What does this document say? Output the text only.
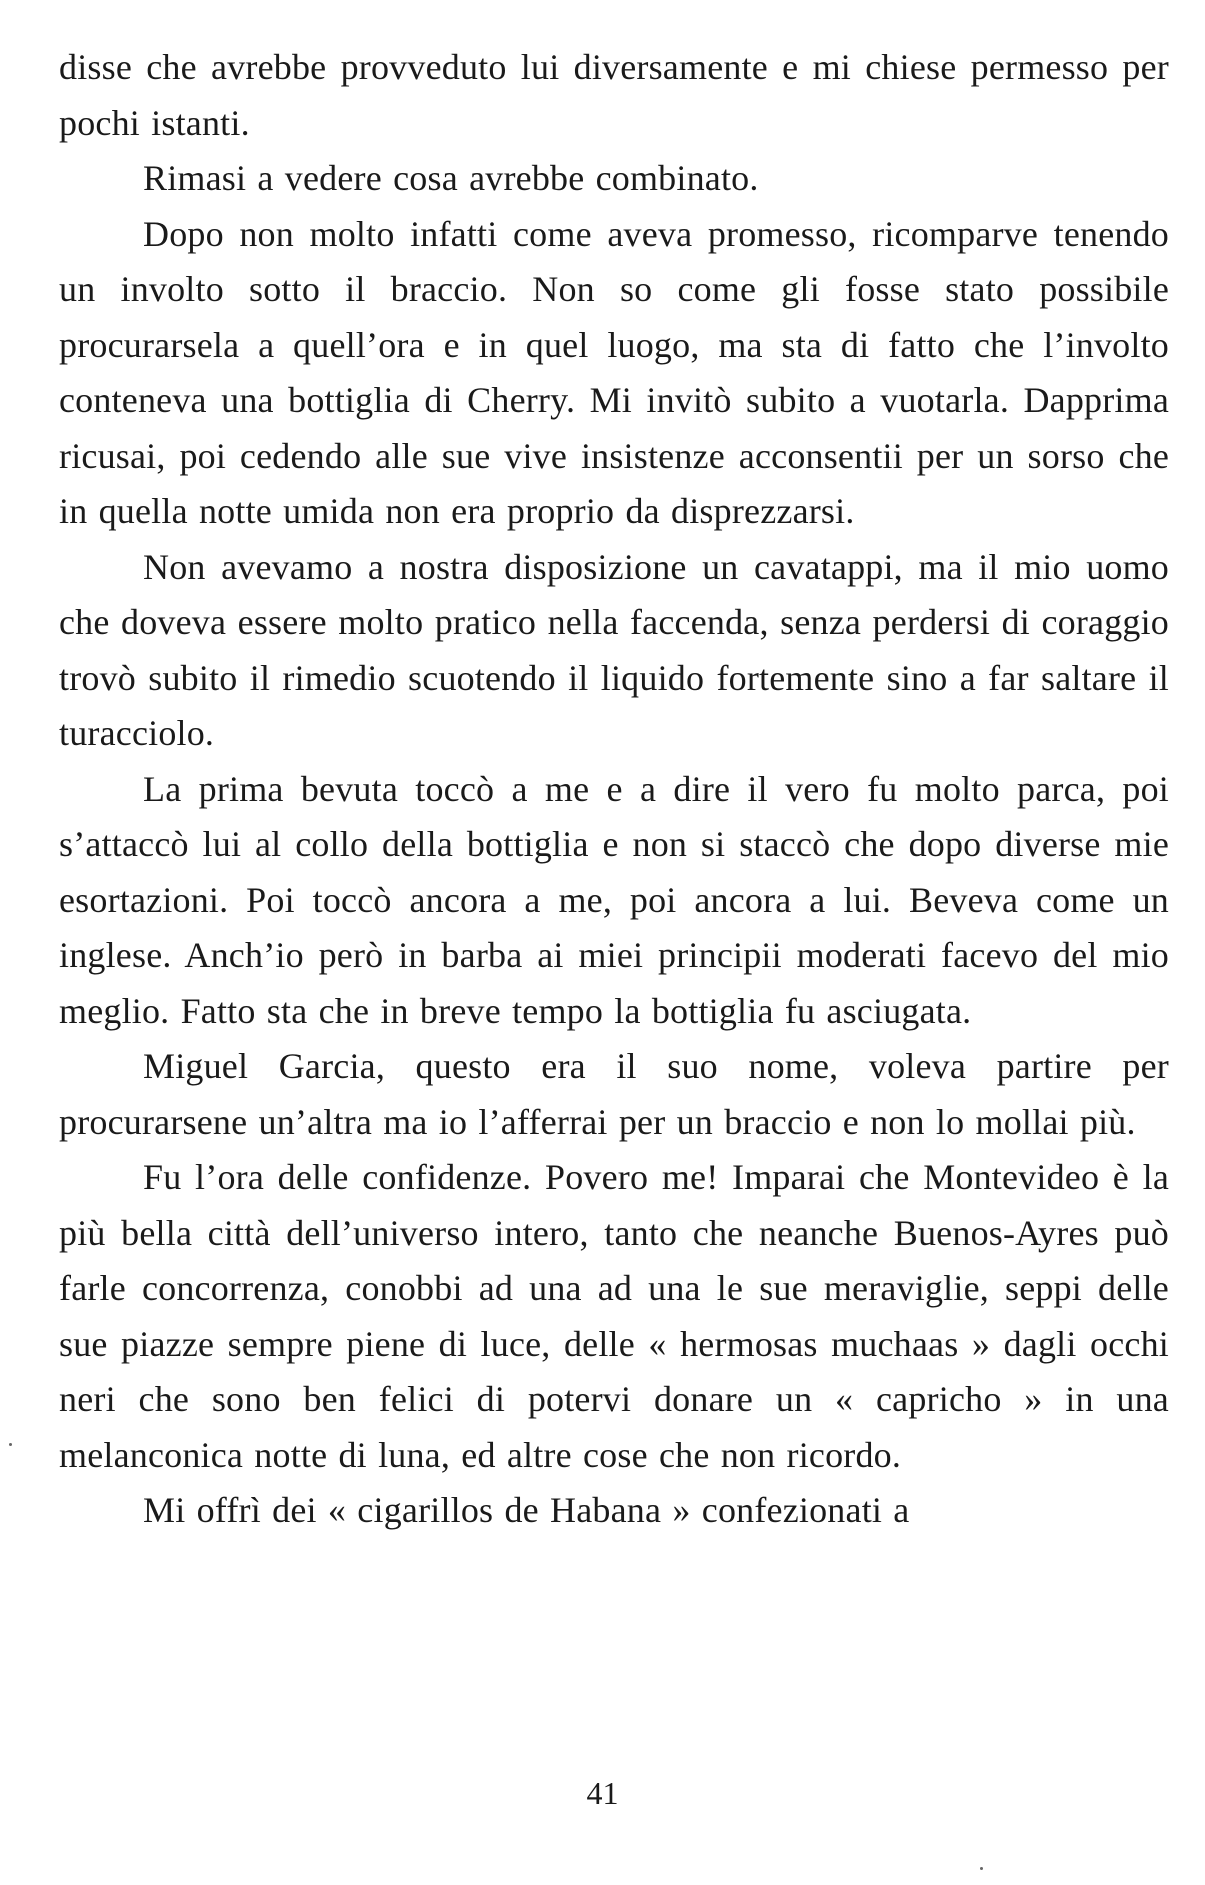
disse che avrebbe provveduto lui diversamente e mi chiese permesso per pochi istanti.

Rimasi a vedere cosa avrebbe combinato.

Dopo non molto infatti come aveva promesso, ricomparve tenendo un involto sotto il braccio. Non so come gli fosse stato possibile procurarsela a quell’ora e in quel luogo, ma sta di fatto che l’involto conteneva una bottiglia di Cherry. Mi invitò subito a vuotarla. Dapprima ricusai, poi cedendo alle sue vive insistenze acconsentii per un sorso che in quella notte umida non era proprio da disprezzarsi.

Non avevamo a nostra disposizione un cavatappi, ma il mio uomo che doveva essere molto pratico nella faccenda, senza perdersi di coraggio trovò subito il rimedio scuotendo il liquido fortemente sino a far saltare il turacciolo.

La prima bevuta toccò a me e a dire il vero fu molto parca, poi s’attaccò lui al collo della bottiglia e non si staccò che dopo diverse mie esortazioni. Poi toccò ancora a me, poi ancora a lui. Beveva come un inglese. Anch’io però in barba ai miei principii moderati facevo del mio meglio. Fatto sta che in breve tempo la bottiglia fu asciugata.

Miguel Garcia, questo era il suo nome, voleva partire per procurarsene un’altra ma io l’afferrai per un braccio e non lo mollai più.

Fu l’ora delle confidenze. Povero me! Imparai che Montevideo è la più bella città dell’universo intero, tanto che neanche Buenos-Ayres può farle concorrenza, conobbi ad una ad una le sue meraviglie, seppi delle sue piazze sempre piene di luce, delle « hermosas muchaas » dagli occhi neri che sono ben felici di potervi donare un « capricho » in una melanconica notte di luna, ed altre cose che non ricordo.

Mi offrì dei « cigarillos de Habana » confezionati a

41
